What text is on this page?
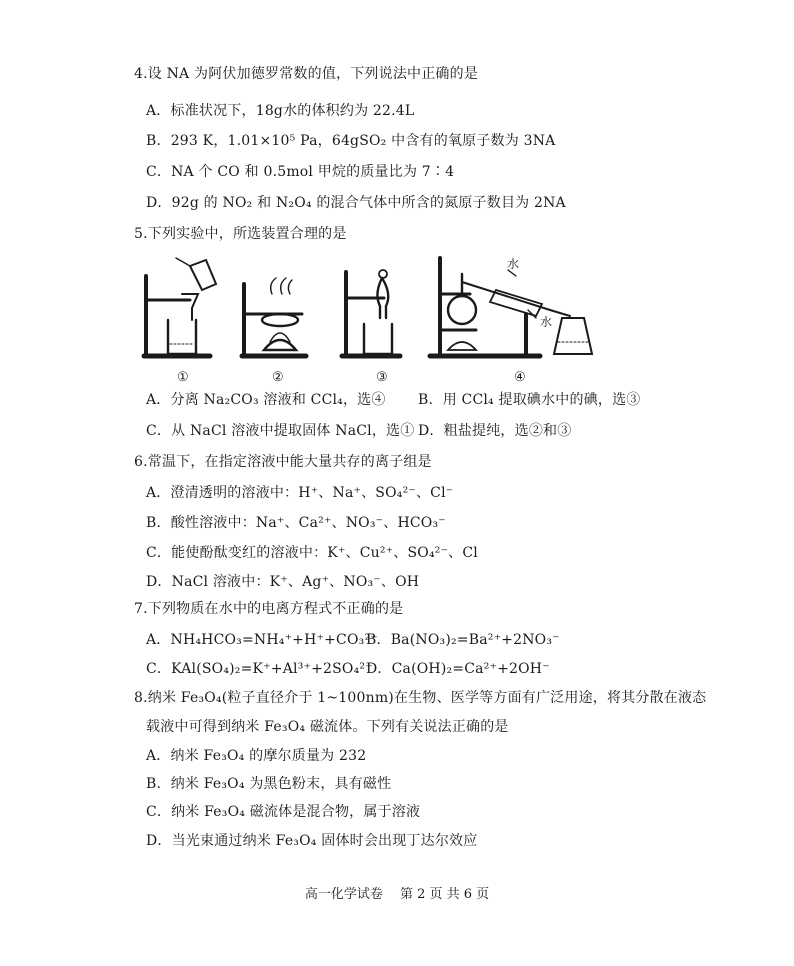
4.设 NA 为阿伏加德罗常数的值，下列说法中正确的是
A．标准状况下，18g水的体积约为 22.4L
B．293 K，1.01×10⁵ Pa，64gSO₂ 中含有的氧原子数为 3NA
C．NA 个 CO 和 0.5mol 甲烷的质量比为 7∶4
D．92g 的 NO₂ 和 N₂O₄ 的混合气体中所含的氮原子数目为 2NA
5.下列实验中，所选装置合理的是
水
水
①	②	③	④
A．分离 Na₂CO₃ 溶液和 CCl₄，选④ B．用 CCl₄ 提取碘水中的碘，选③
C．从 NaCl 溶液中提取固体 NaCl，选① D．粗盐提纯，选②和③
6.常温下，在指定溶液中能大量共存的离子组是
A．澄清透明的溶液中：H⁺、Na⁺、SO₄²⁻、Cl⁻
B．酸性溶液中：Na⁺、Ca²⁺、NO₃⁻、HCO₃⁻
C．能使酚酞变红的溶液中：K⁺、Cu²⁺、SO₄²⁻、Cl
D．NaCl 溶液中：K⁺、Ag⁺、NO₃⁻、OH
7.下列物质在水中的电离方程式不正确的是
A．NH₄HCO₃=NH₄⁺+H⁺+CO₃²⁻
B．Ba(NO₃)₂=Ba²⁺+2NO₃⁻
C．KAl(SO₄)₂=K⁺+Al³⁺+2SO₄²⁻
D．Ca(OH)₂=Ca²⁺+2OH⁻
8.纳米 Fe₃O₄(粒子直径介于 1~100nm)在生物、医学等方面有广泛用途，将其分散在液态
载液中可得到纳米 Fe₃O₄ 磁流体。下列有关说法正确的是
A．纳米 Fe₃O₄ 的摩尔质量为 232
B．纳米 Fe₃O₄ 为黑色粉末，具有磁性
C．纳米 Fe₃O₄ 磁流体是混合物，属于溶液
D．当光束通过纳米 Fe₃O₄ 固体时会出现丁达尔效应
高一化学试卷　 第 2 页 共 6 页
